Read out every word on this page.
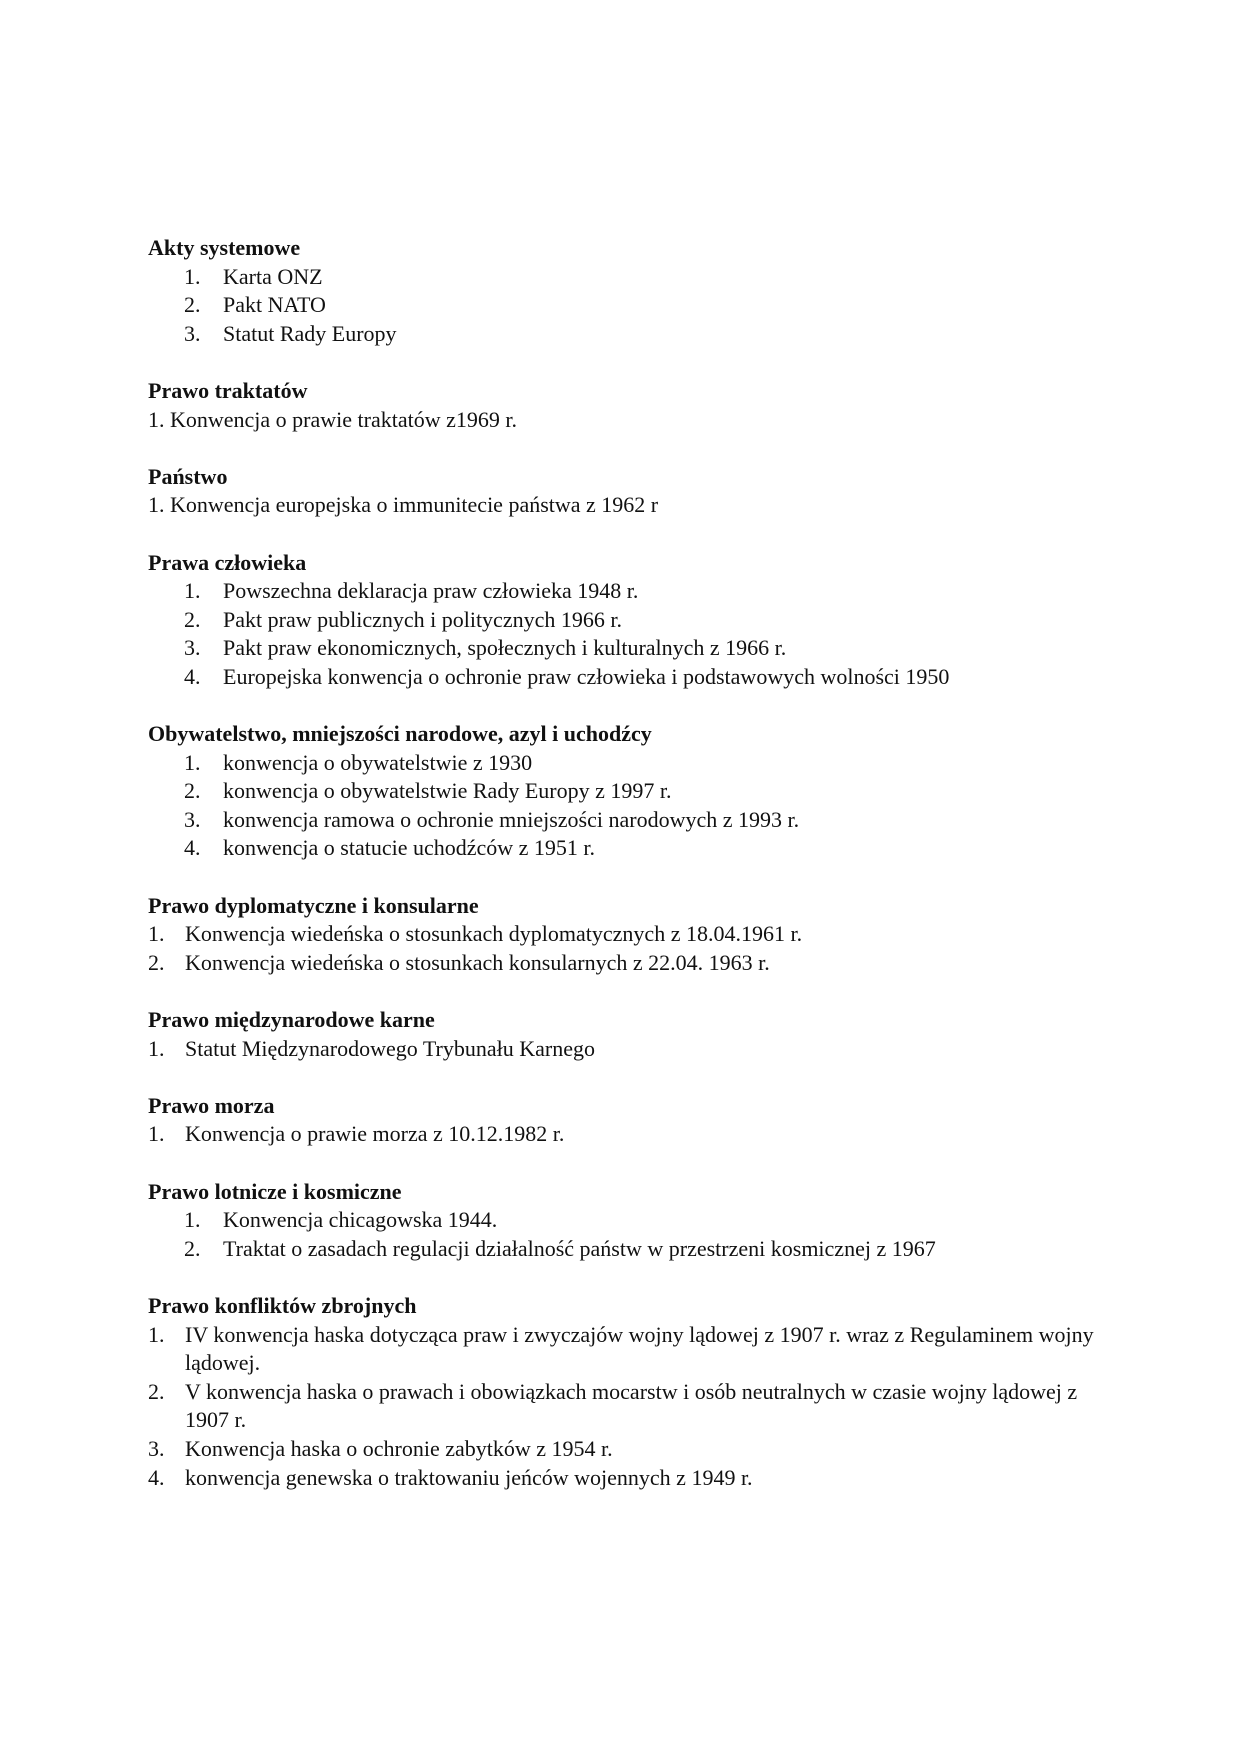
Akty systemowe
1.	Karta ONZ
2.	Pakt NATO
3.	Statut Rady Europy
Prawo traktatów
1. Konwencja o prawie traktatów z1969 r.
Państwo
1. Konwencja europejska o immunitecie państwa z 1962 r
Prawa człowieka
1.	Powszechna deklaracja praw człowieka 1948 r.
2.	Pakt praw publicznych i politycznych 1966 r.
3.	Pakt praw ekonomicznych, społecznych i kulturalnych z 1966 r.
4.	Europejska konwencja o ochronie praw człowieka i podstawowych wolności 1950
Obywatelstwo, mniejszości narodowe, azyl i uchodźcy
1.	konwencja o obywatelstwie z 1930
2.	konwencja o obywatelstwie Rady Europy z 1997 r.
3.	konwencja ramowa o ochronie mniejszości narodowych z 1993 r.
4.	konwencja o statucie uchodźców z 1951 r.
Prawo dyplomatyczne i konsularne
1. Konwencja wiedeńska o stosunkach dyplomatycznych z 18.04.1961 r.
2. Konwencja wiedeńska o stosunkach konsularnych z 22.04. 1963 r.
Prawo międzynarodowe karne
1. Statut Międzynarodowego Trybunału Karnego
Prawo morza
1. Konwencja o prawie morza z 10.12.1982 r.
Prawo lotnicze i kosmiczne
1.	Konwencja chicagowska 1944.
2.	Traktat o zasadach regulacji działalność państw w przestrzeni kosmicznej z 1967
Prawo konfliktów zbrojnych
1. IV konwencja haska dotycząca praw i zwyczajów wojny lądowej z 1907 r. wraz z Regulaminem wojny lądowej.
2. V konwencja haska o prawach i obowiązkach mocarstw i osób neutralnych w czasie wojny lądowej z 1907 r.
3. Konwencja haska o ochronie zabytków z 1954 r.
4. konwencja genewska o traktowaniu jeńców wojennych z 1949 r.
